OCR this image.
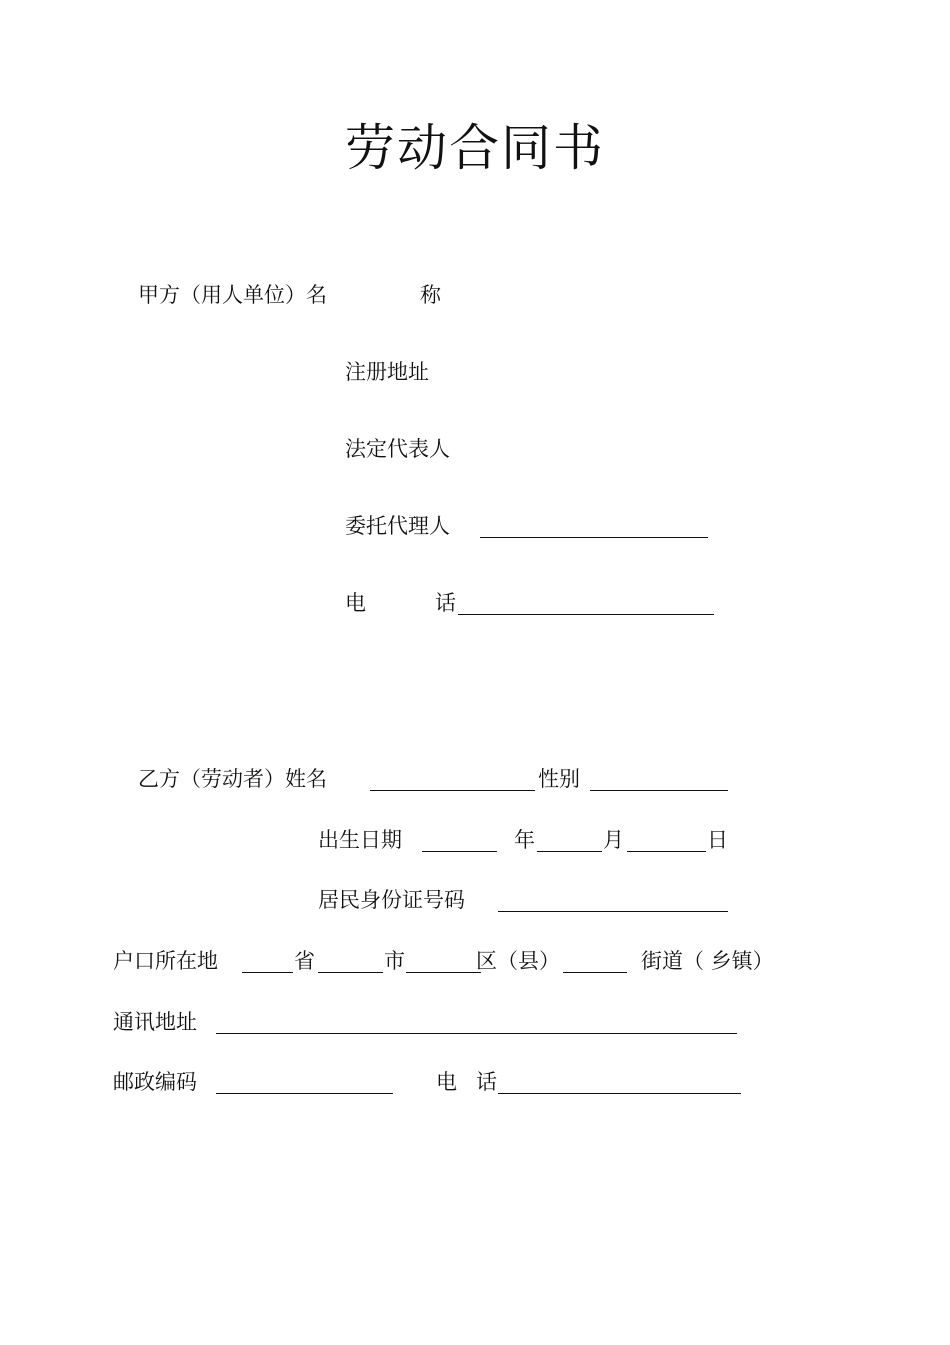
劳动合同书
甲方（用人单位）名	称
注册地址
法定代表人
委托代理人
电	话
乙方（劳动者）姓名	性别
出生日期	年	月	日
居民身份证号码
户口所在地	省	市	区（县）	街道（ 乡镇）
通讯地址
邮政编码	电 话
